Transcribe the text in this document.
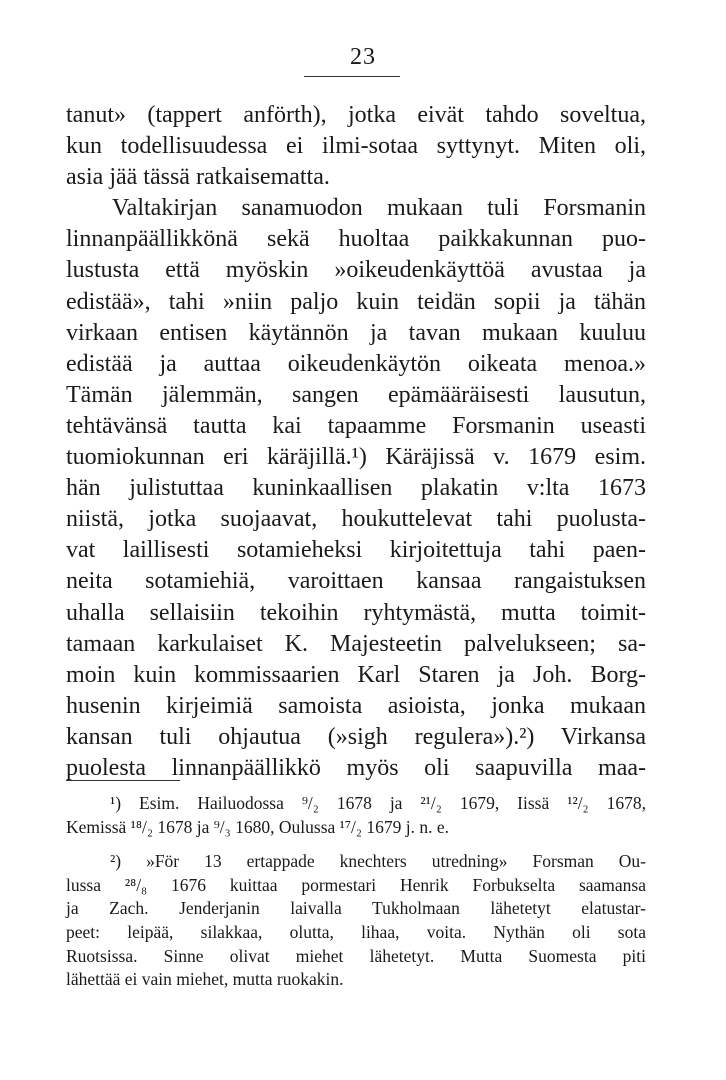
23
tanut» (tappert anförth), jotka eivät tahdo soveltua,
kun todellisuudessa ei ilmi-sotaa syttynyt. Miten oli,
asia jää tässä ratkaisematta.
Valtakirjan sanamuodon mukaan tuli Forsmanin
linnanpäällikkönä sekä huoltaa paikkakunnan puo-
lustusta että myöskin »oikeudenkäyttöä avustaa ja
edistää», tahi »niin paljo kuin teidän sopii ja tähän
virkaan entisen käytännön ja tavan mukaan kuuluu
edistää ja auttaa oikeudenkäytön oikeata menoa.»
Tämän jälemmän, sangen epämääräisesti lausutun,
tehtävänsä tautta kai tapaamme Forsmanin useasti
tuomiokunnan eri käräjillä.¹) Käräjissä v. 1679 esim.
hän julistuttaa kuninkaallisen plakatin v:lta 1673
niistä, jotka suojaavat, houkuttelevat tahi puolusta-
vat laillisesti sotamieheksi kirjoitettuja tahi paen-
neita sotamiehiä, varoittaen kansaa rangaistuksen
uhalla sellaisiin tekoihin ryhtymästä, mutta toimit-
tamaan karkulaiset K. Majesteetin palvelukseen; sa-
moin kuin kommissaarien Karl Staren ja Joh. Borg-
husenin kirjeimiä samoista asioista, jonka mukaan
kansan tuli ohjautua (»sigh regulera»).²) Virkansa
puolesta linnanpäällikkö myös oli saapuvilla maa-
¹) Esim. Hailuodossa ⁹/₂ 1678 ja ²¹/₂ 1679, Iissä ¹²/₂ 1678,
Kemissä ¹⁸/₂ 1678 ja ⁹/₃ 1680, Oulussa ¹⁷/₂ 1679 j. n. e.
²) »För 13 ertappade knechters utredning» Forsman Ou-
lussa ²⁸/₈ 1676 kuittaa pormestari Henrik Forbukselta saamansa
ja Zach. Jenderjanin laivalla Tukholmaan lähetetyt elatustar-
peet: leipää, silakkaa, olutta, lihaa, voita. Nythän oli sota
Ruotsissa. Sinne olivat miehet lähetetyt. Mutta Suomesta piti
lähettää ei vain miehet, mutta ruokakin.
